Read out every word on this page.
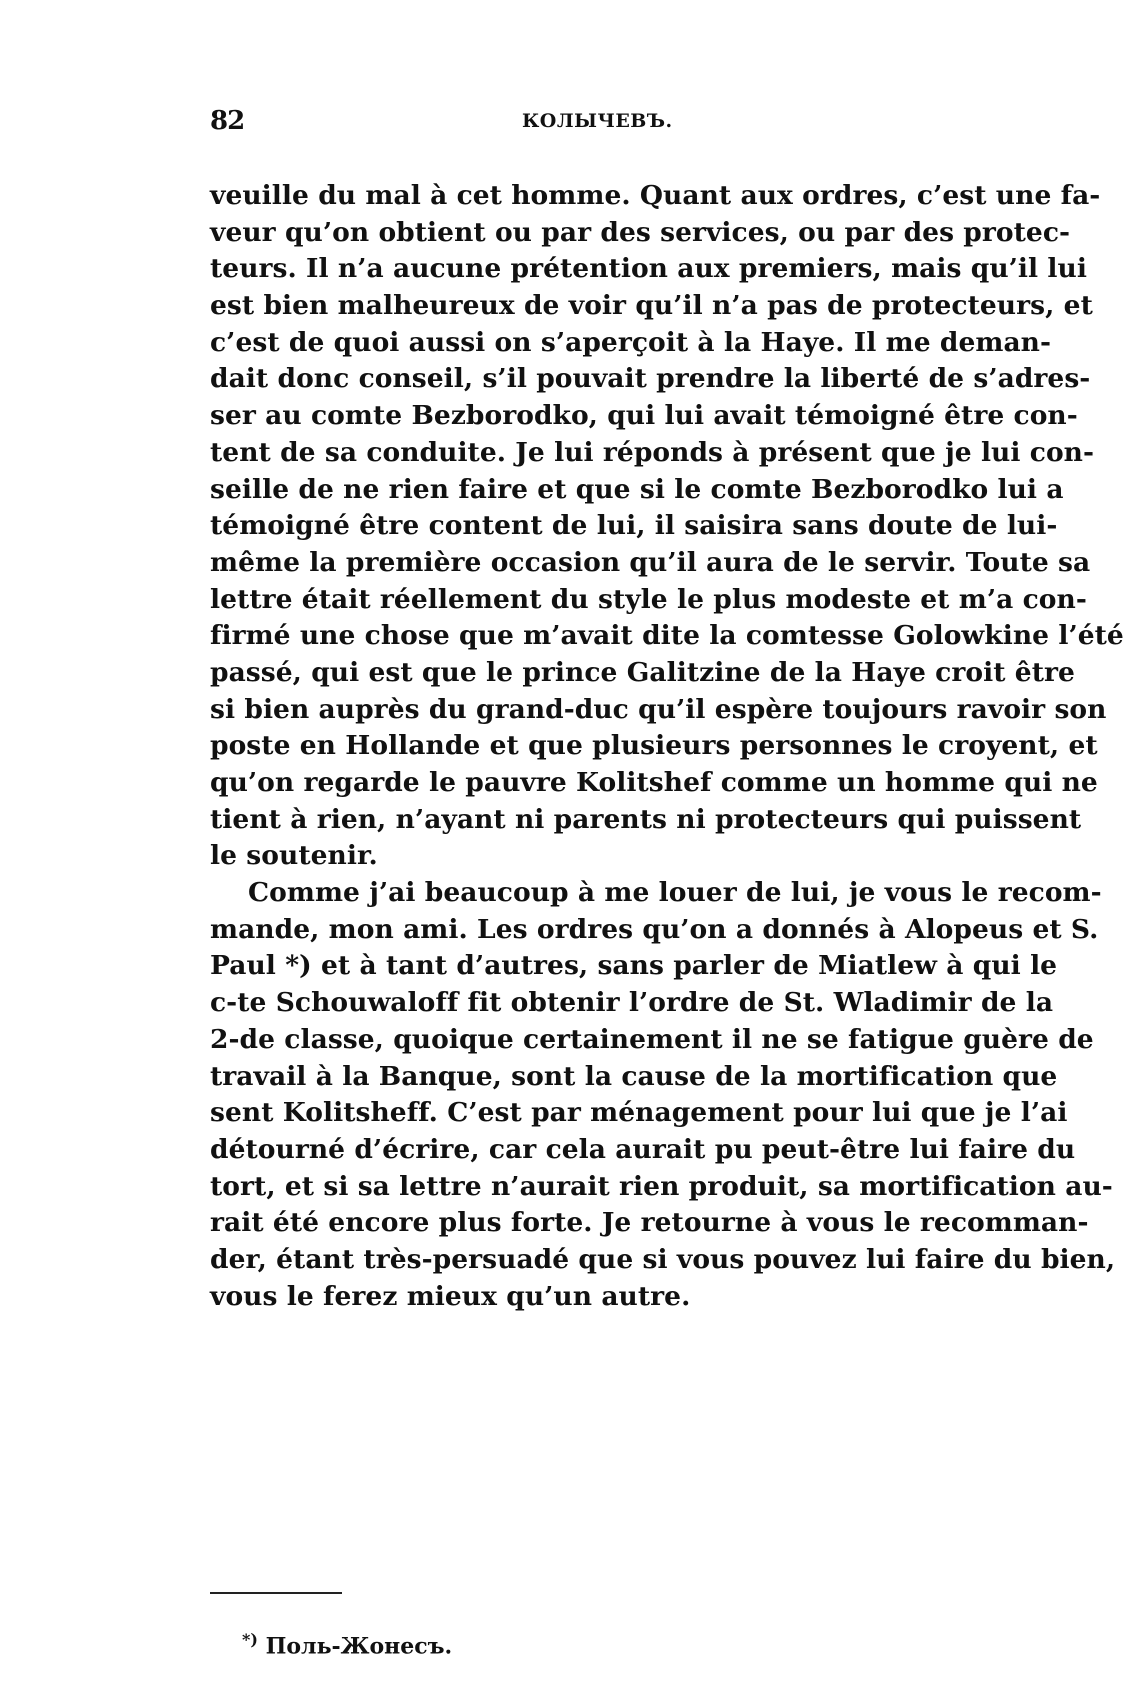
82	КОЛЫЧЕВЪ.
veuille du mal à cet homme. Quant aux ordres, c’est une fa-
veur qu’on obtient ou par des services, ou par des protec-
teurs. Il n’a aucune prétention aux premiers, mais qu’il lui
est bien malheureux de voir qu’il n’a pas de protecteurs, et
c’est de quoi aussi on s’aperçoit à la Haye. Il me deman-
dait donc conseil, s’il pouvait prendre la liberté de s’adres-
ser au comte Bezborodko, qui lui avait témoigné être con-
tent de sa conduite. Je lui réponds à présent que je lui con-
seille de ne rien faire et que si le comte Bezborodko lui a
témoigné être content de lui, il saisira sans doute de lui-
même la première occasion qu’il aura de le servir. Toute sa
lettre était réellement du style le plus modeste et m’a con-
firmé une chose que m’avait dite la comtesse Golowkine l’été
passé, qui est que le prince Galitzine de la Haye croit être
si bien auprès du grand-duc qu’il espère toujours ravoir son
poste en Hollande et que plusieurs personnes le croyent, et
qu’on regarde le pauvre Kolitshef comme un homme qui ne
tient à rien, n’ayant ni parents ni protecteurs qui puissent
le soutenir.
Comme j’ai beaucoup à me louer de lui, je vous le recom-
mande, mon ami. Les ordres qu’on a donnés à Alopeus et S.
Paul *) et à tant d’autres, sans parler de Miatlew à qui le
c-te Schouwaloff fit obtenir l’ordre de St. Wladimir de la
2-de classe, quoique certainement il ne se fatigue guère de
travail à la Banque, sont la cause de la mortification que
sent Kolitsheff. C’est par ménagement pour lui que je l’ai
détourné d’écrire, car cela aurait pu peut-être lui faire du
tort, et si sa lettre n’aurait rien produit, sa mortification au-
rait été encore plus forte. Je retourne à vous le recomman-
der, étant très-persuadé que si vous pouvez lui faire du bien,
vous le ferez mieux qu’un autre.
*) Поль-Жонесъ.
